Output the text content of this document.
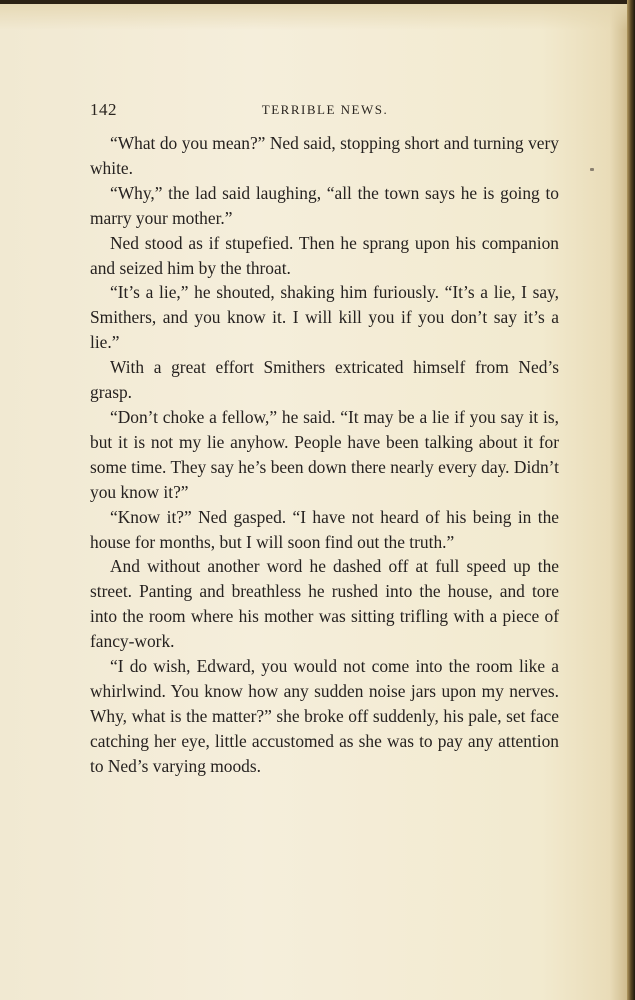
142	TERRIBLE NEWS.

“What do you mean?” Ned said, stopping short and turning very white.

“Why,” the lad said laughing, “all the town says he is going to marry your mother.”

Ned stood as if stupefied. Then he sprang upon his companion and seized him by the throat.

“It’s a lie,” he shouted, shaking him furiously. “It’s a lie, I say, Smithers, and you know it. I will kill you if you don’t say it’s a lie.”

With a great effort Smithers extricated himself from Ned’s grasp.

“Don’t choke a fellow,” he said. “It may be a lie if you say it is, but it is not my lie anyhow. People have been talking about it for some time. They say he’s been down there nearly every day. Didn’t you know it?”

“Know it?” Ned gasped. “I have not heard of his being in the house for months, but I will soon find out the truth.”

And without another word he dashed off at full speed up the street. Panting and breathless he rushed into the house, and tore into the room where his mother was sitting trifling with a piece of fancy-work.

“I do wish, Edward, you would not come into the room like a whirlwind. You know how any sudden noise jars upon my nerves. Why, what is the matter?” she broke off suddenly, his pale, set face catching her eye, little accustomed as she was to pay any attention to Ned’s varying moods.
